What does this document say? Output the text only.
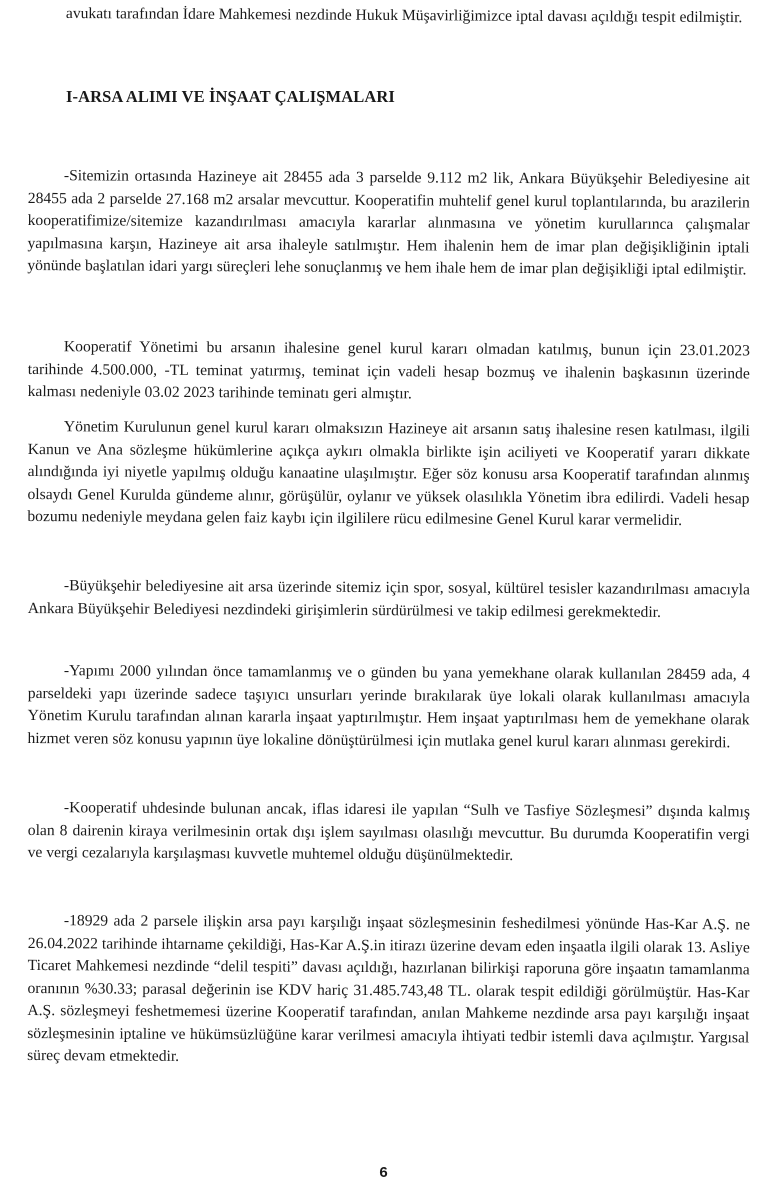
avukatı tarafından İdare Mahkemesi nezdinde Hukuk Müşavirliğimizce iptal davası açıldığı tespit edilmiştir.

I-ARSA ALIMI VE İNŞAAT ÇALIŞMALARI

-Sitemizin ortasında Hazineye ait 28455 ada 3 parselde 9.112 m2 lik, Ankara Büyükşehir Belediyesine ait 28455 ada 2 parselde 27.168 m2 arsalar mevcuttur. Kooperatifin muhtelif genel kurul toplantılarında, bu arazilerin kooperatifimize/sitemize kazandırılması amacıyla kararlar alınmasına ve yönetim kurullarınca çalışmalar yapılmasına karşın, Hazineye ait arsa ihaleyle satılmıştır. Hem ihalenin hem de imar plan değişikliğinin iptali yönünde başlatılan idari yargı süreçleri lehe sonuçlanmış ve hem ihale hem de imar plan değişikliği iptal edilmiştir.

Kooperatif Yönetimi bu arsanın ihalesine genel kurul kararı olmadan katılmış, bunun için 23.01.2023 tarihinde 4.500.000, -TL teminat yatırmış, teminat için vadeli hesap bozmuş ve ihalenin başkasının üzerinde kalması nedeniyle 03.02 2023 tarihinde teminatı geri almıştır.

Yönetim Kurulunun genel kurul kararı olmaksızın Hazineye ait arsanın satış ihalesine resen katılması, ilgili Kanun ve Ana sözleşme hükümlerine açıkça aykırı olmakla birlikte işin aciliyeti ve Kooperatif yararı dikkate alındığında iyi niyetle yapılmış olduğu kanaatine ulaşılmıştır. Eğer söz konusu arsa Kooperatif tarafından alınmış olsaydı Genel Kurulda gündeme alınır, görüşülür, oylanır ve yüksek olasılıkla Yönetim ibra edilirdi. Vadeli hesap bozumu nedeniyle meydana gelen faiz kaybı için ilgililere rücu edilmesine Genel Kurul karar vermelidir.

-Büyükşehir belediyesine ait arsa üzerinde sitemiz için spor, sosyal, kültürel tesisler kazandırılması amacıyla Ankara Büyükşehir Belediyesi nezdindeki girişimlerin sürdürülmesi ve takip edilmesi gerekmektedir.

-Yapımı 2000 yılından önce tamamlanmış ve o günden bu yana yemekhane olarak kullanılan 28459 ada, 4 parseldeki yapı üzerinde sadece taşıyıcı unsurları yerinde bırakılarak üye lokali olarak kullanılması amacıyla Yönetim Kurulu tarafından alınan kararla inşaat yaptırılmıştır. Hem inşaat yaptırılması hem de yemekhane olarak hizmet veren söz konusu yapının üye lokaline dönüştürülmesi için mutlaka genel kurul kararı alınması gerekirdi.

-Kooperatif uhdesinde bulunan ancak, iflas idaresi ile yapılan “Sulh ve Tasfiye Sözleşmesi” dışında kalmış olan 8 dairenin kiraya verilmesinin ortak dışı işlem sayılması olasılığı mevcuttur. Bu durumda Kooperatifin vergi ve vergi cezalarıyla karşılaşması kuvvetle muhtemel olduğu düşünülmektedir.

-18929 ada 2 parsele ilişkin arsa payı karşılığı inşaat sözleşmesinin feshedilmesi yönünde Has-Kar A.Ş. ne 26.04.2022 tarihinde ihtarname çekildiği, Has-Kar A.Ş.in itirazı üzerine devam eden inşaatla ilgili olarak 13. Asliye Ticaret Mahkemesi nezdinde “delil tespiti” davası açıldığı, hazırlanan bilirkişi raporuna göre inşaatın tamamlanma oranının %30.33; parasal değerinin ise KDV hariç 31.485.743,48 TL. olarak tespit edildiği görülmüştür. Has-Kar A.Ş. sözleşmeyi feshetmemesi üzerine Kooperatif tarafından, anılan Mahkeme nezdinde arsa payı karşılığı inşaat sözleşmesinin iptaline ve hükümsüzlüğüne karar verilmesi amacıyla ihtiyati tedbir istemli dava açılmıştır. Yargısal süreç devam etmektedir.

6
